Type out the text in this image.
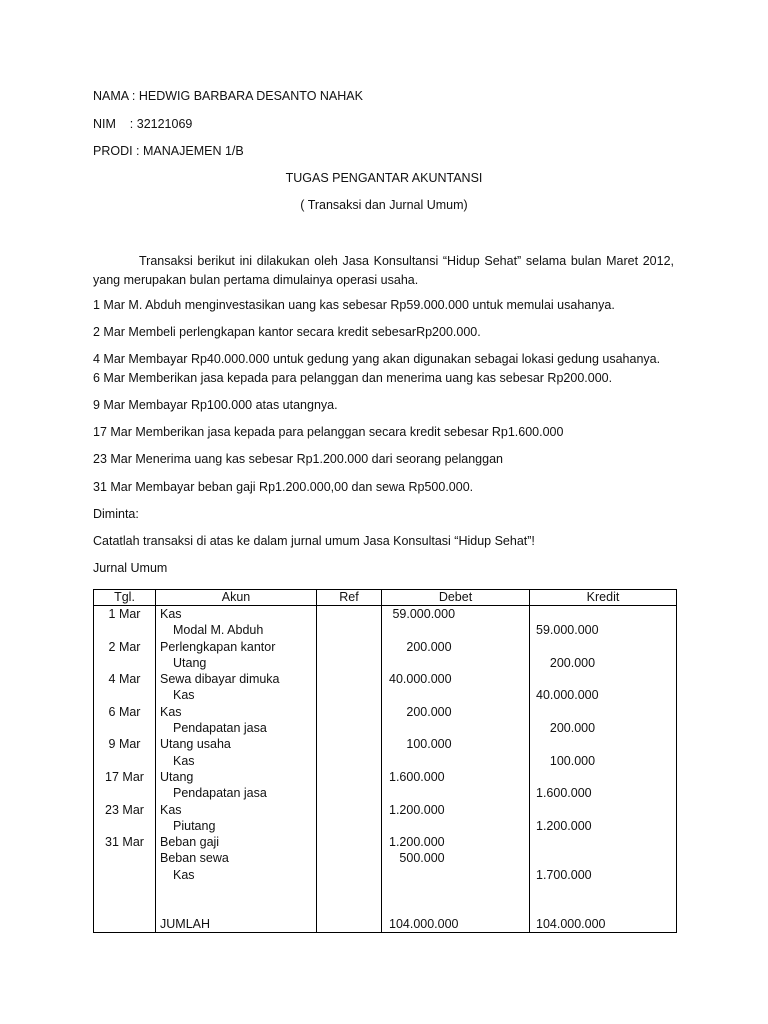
NAMA : HEDWIG BARBARA DESANTO NAHAK
NIM    : 32121069
PRODI : MANAJEMEN 1/B
TUGAS PENGANTAR AKUNTANSI
( Transaksi dan Jurnal Umum)
Transaksi berikut ini dilakukan oleh Jasa Konsultansi “Hidup Sehat” selama bulan Maret 2012, yang merupakan bulan pertama dimulainya operasi usaha.
1 Mar M. Abduh menginvestasikan uang kas sebesar Rp59.000.000 untuk memulai usahanya.
2 Mar Membeli perlengkapan kantor secara kredit sebesarRp200.000.
4 Mar Membayar Rp40.000.000 untuk gedung yang akan digunakan sebagai lokasi gedung usahanya.
6 Mar Memberikan jasa kepada para pelanggan dan menerima uang kas sebesar Rp200.000.
9 Mar Membayar Rp100.000 atas utangnya.
17 Mar Memberikan jasa kepada para pelanggan secara kredit sebesar Rp1.600.000
23 Mar Menerima uang kas sebesar Rp1.200.000 dari seorang pelanggan
31 Mar Membayar beban gaji Rp1.200.000,00 dan sewa Rp500.000.
Diminta:
Catatlah transaksi di atas ke dalam jurnal umum Jasa Konsultasi “Hidup Sehat”!
Jurnal Umum
Tgl.	Akun	Ref	Debet	Kredit
1 Mar	Kas		59.000.000	
	Modal M. Abduh			59.000.000
2 Mar	Perlengkapan kantor		200.000	
	Utang			200.000
4 Mar	Sewa dibayar dimuka		40.000.000	
	Kas			40.000.000
6 Mar	Kas		200.000	
	Pendapatan jasa			200.000
9 Mar	Utang usaha		100.000	
	Kas			100.000
17 Mar	Utang		1.600.000	
	Pendapatan jasa			1.600.000
23 Mar	Kas		1.200.000	
	Piutang			1.200.000
31 Mar	Beban gaji		1.200.000	
	Beban sewa		500.000	
	Kas			1.700.000

	JUMLAH		104.000.000	104.000.000
